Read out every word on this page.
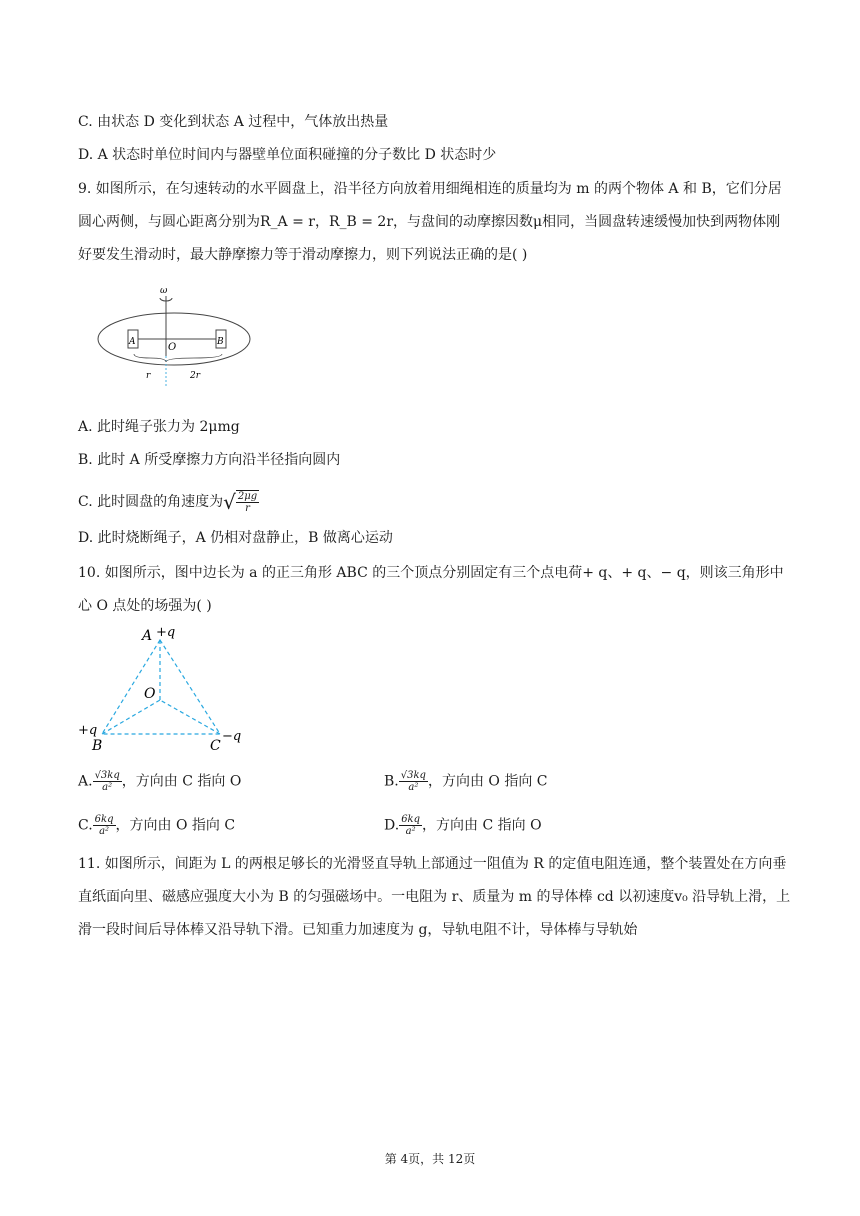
C. 由状态 D 变化到状态 A 过程中，气体放出热量
D. A 状态时单位时间内与器壁单位面积碰撞的分子数比 D 状态时少
9. 如图所示，在匀速转动的水平圆盘上，沿半径方向放着用细绳相连的质量均为 m 的两个物体 A 和 B，它们分居圆心两侧，与圆心距离分别为R_A = r，R_B = 2r，与盘间的动摩擦因数μ相同，当圆盘转速缓慢加快到两物体刚好要发生滑动时，最大静摩擦力等于滑动摩擦力，则下列说法正确的是( )
ω
A	B
O
r	2r
A. 此时绳子张力为 2μmg
B. 此时 A 所受摩擦力方向沿半径指向圆内
C. 此时圆盘的角速度为√ $\frac{2\mu g}{r}$
D. 此时烧断绳子，A 仍相对盘静止，B 做离心运动
10. 如图所示，图中边长为 a 的正三角形 ABC 的三个顶点分别固定有三个点电荷+ q、+ q、− q，则该三角形中心 O 点处的场强为( )
A +q
O
+q
B	C
−q
A. $\frac{√3kq}{\text{a²}}$ ，方向由 C 指向 O	B. $\frac{√3kq}{\text{a²}}$ ，方向由 O 指向 C
C. $\frac{6kq}{\text{a²}}$ ，方向由 O 指向 C	D. $\frac{6kq}{\text{a²}}$ ，方向由 C 指向 O
11. 如图所示，间距为 L 的两根足够长的光滑竖直导轨上部通过一阻值为 R 的定值电阻连通，整个装置处在方向垂直纸面向里、磁感应强度大小为 B 的匀强磁场中。一电阻为 r、质量为 m 的导体棒 cd 以初速度v₀ 沿导轨上滑，上滑一段时间后导体棒又沿导轨下滑。已知重力加速度为 g，导轨电阻不计，导体棒与导轨始
第 4页，共 12页
